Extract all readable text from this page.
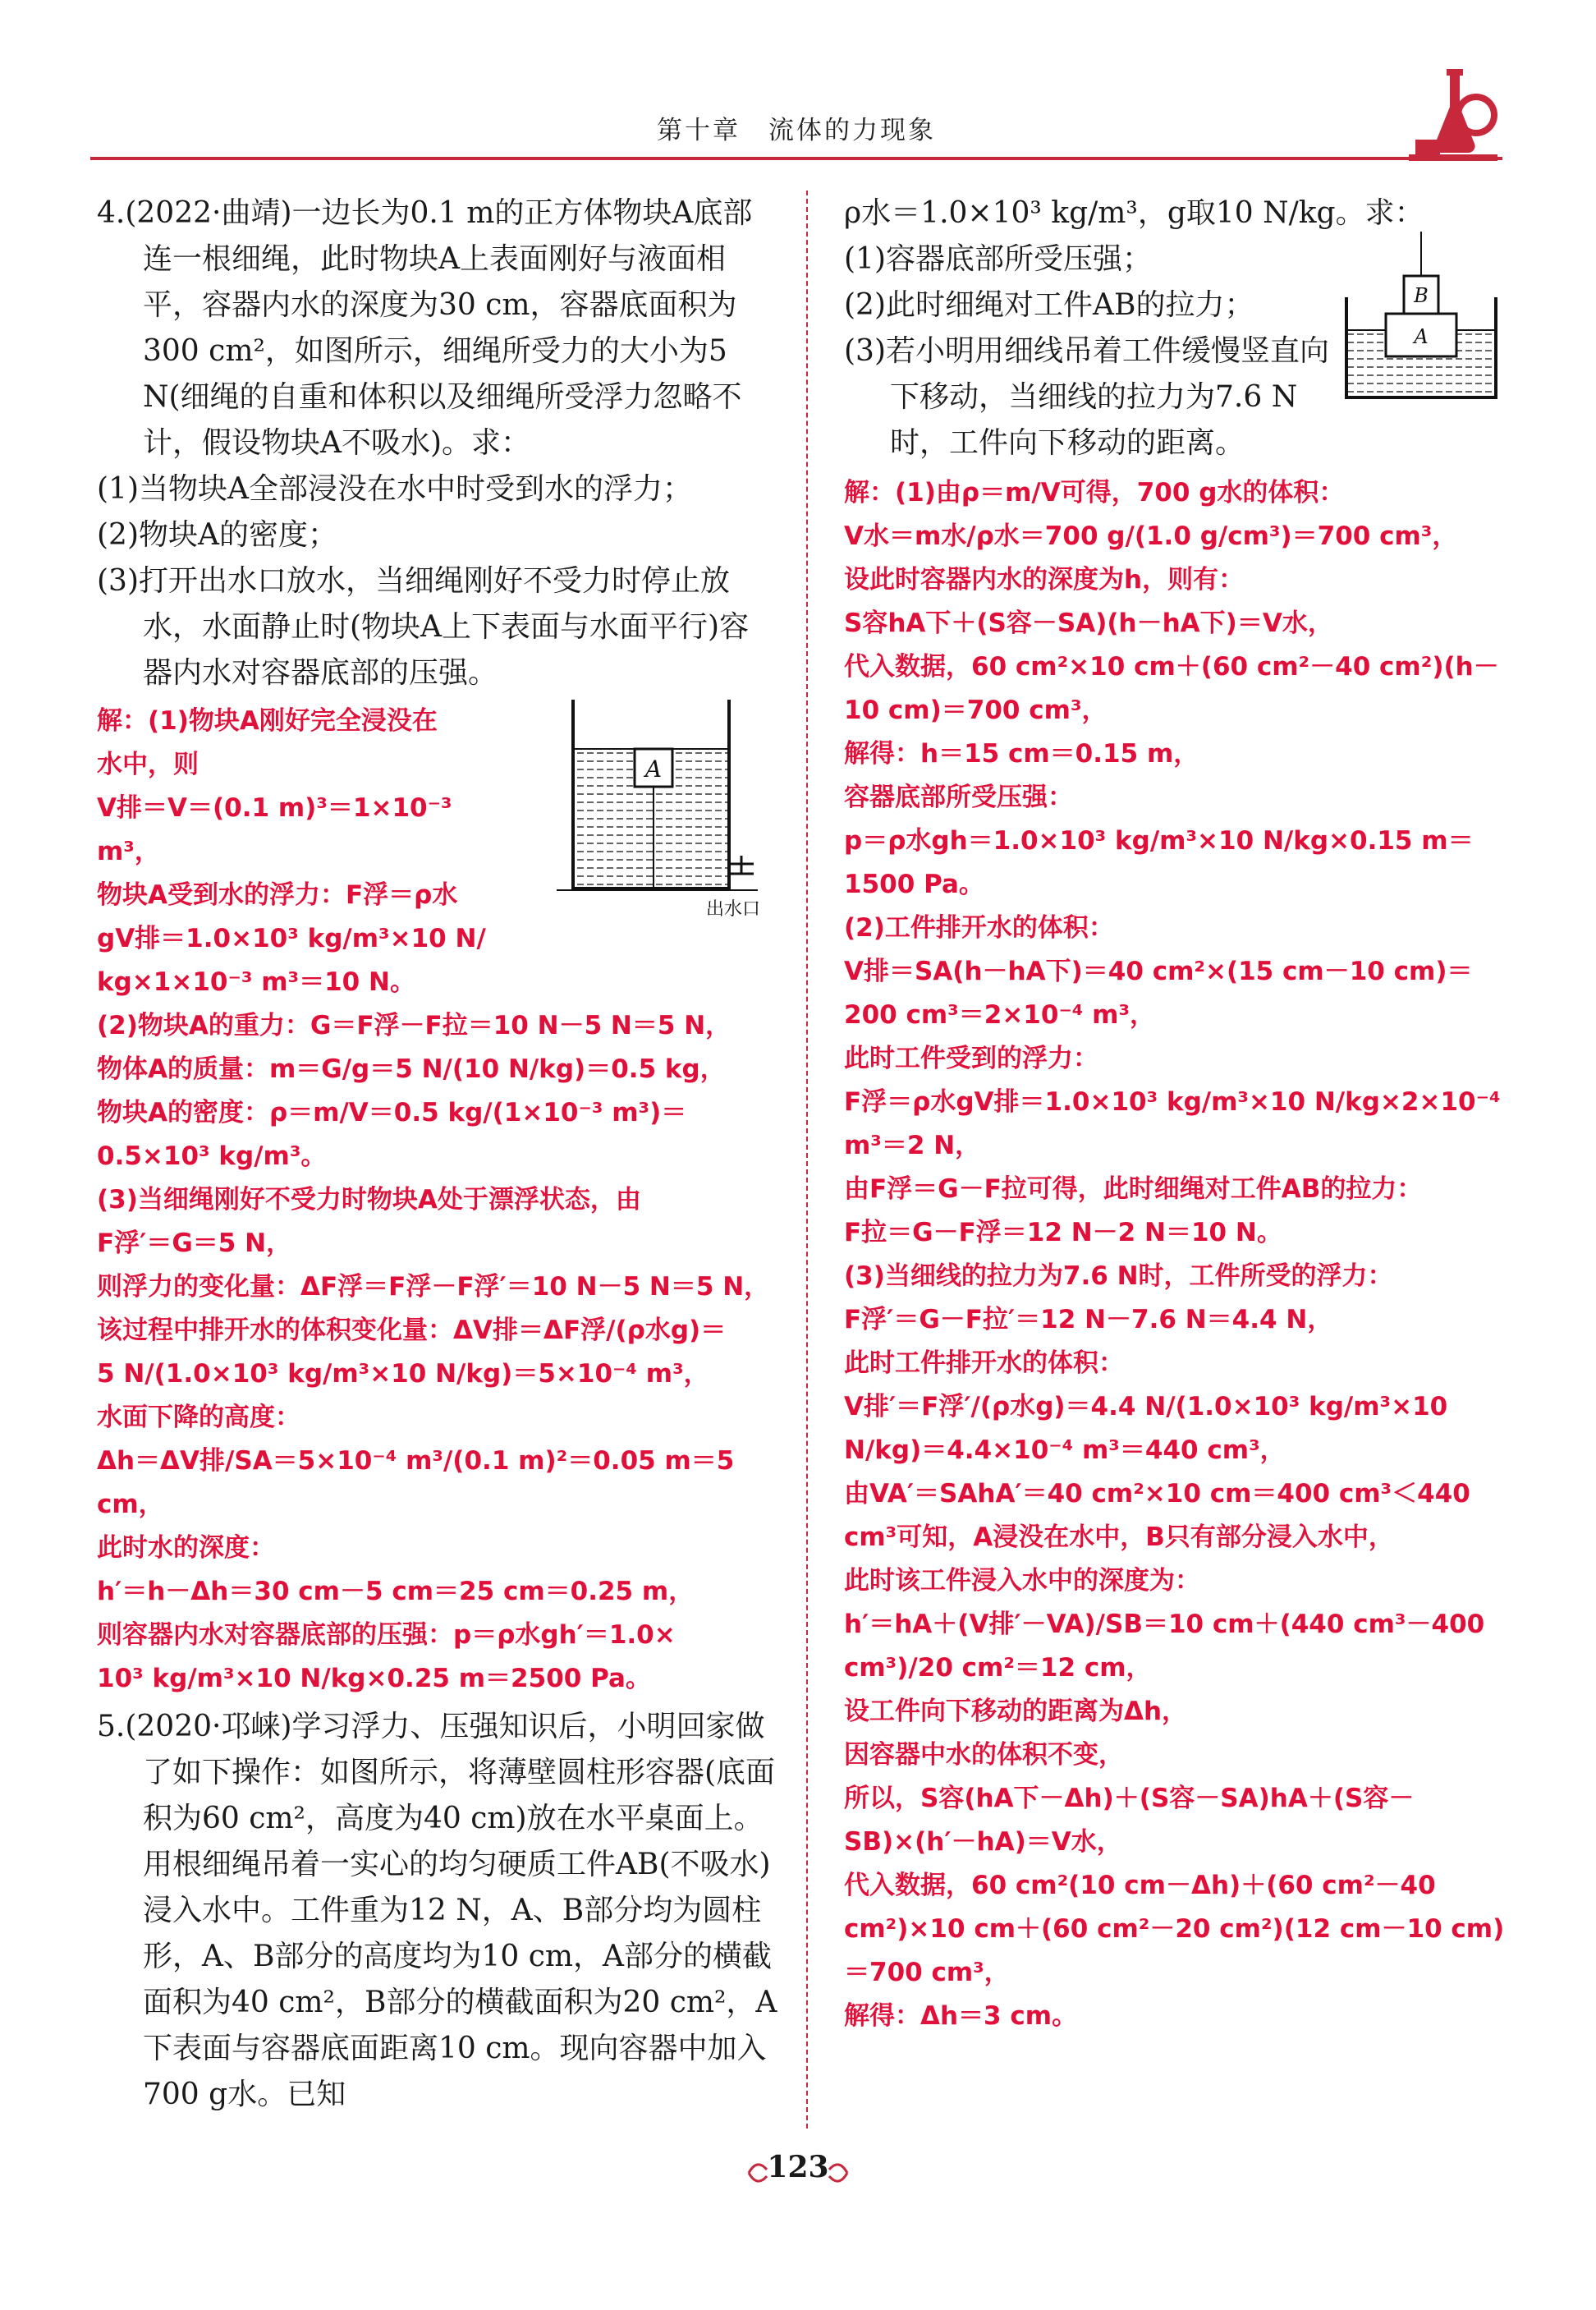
第十章　流体的力现象

4.(2022·曲靖)一边长为0.1 m的正方体物块A底部连一根细绳，此时物块A上表面刚好与液面相平，容器内水的深度为30 cm，容器底面积为300 cm²，如图所示，细绳所受力的大小为5 N(细绳的自重和体积以及细绳所受浮力忽略不计，假设物块A不吸水)。求：

(1)当物块A全部浸没在水中时受到水的浮力；

(2)物块A的密度；

(3)打开出水口放水，当细绳刚好不受力时停止放水，水面静止时(物块A上下表面与水面平行)容器内水对容器底部的压强。

解：(1)物块A刚好完全浸没在

水中，则

V排＝V＝(0.1 m)³＝1×10⁻³ m³，

物块A受到水的浮力：F浮＝ρ水

gV排＝1.0×10³ kg/m³×10 N/

kg×1×10⁻³ m³＝10 N。

(2)物块A的重力：G＝F浮－F拉＝10 N－5 N＝5 N，

物体A的质量：m＝G/g＝5 N/(10 N/kg)＝0.5 kg，

物块A的密度：ρ＝m/V＝0.5 kg/(1×10⁻³ m³)＝0.5×10³ kg/m³。

(3)当细绳刚好不受力时物块A处于漂浮状态，由

F浮′＝G＝5 N，

则浮力的变化量：ΔF浮＝F浮－F浮′＝10 N－5 N＝5 N，

该过程中排开水的体积变化量：ΔV排＝ΔF浮/(ρ水g)＝

5 N/(1.0×10³ kg/m³×10 N/kg)＝5×10⁻⁴ m³，

水面下降的高度：

Δh＝ΔV排/SA＝5×10⁻⁴ m³/(0.1 m)²＝0.05 m＝5 cm，

此时水的深度：

h′＝h－Δh＝30 cm－5 cm＝25 cm＝0.25 m，

则容器内水对容器底部的压强：p＝ρ水gh′＝1.0×

10³ kg/m³×10 N/kg×0.25 m＝2500 Pa。

A
出水口

5.(2020·邛崃)学习浮力、压强知识后，小明回家做了如下操作：如图所示，将薄壁圆柱形容器(底面积为60 cm²，高度为40 cm)放在水平桌面上。用根细绳吊着一实心的均匀硬质工件AB(不吸水)浸入水中。工件重为12 N，A、B部分均为圆柱形，A、B部分的高度均为10 cm，A部分的横截面积为40 cm²，B部分的横截面积为20 cm²，A下表面与容器底面距离10 cm。现向容器中加入700 g水。已知

ρ水＝1.0×10³ kg/m³，g取10 N/kg。求：

(1)容器底部所受压强；

(2)此时细绳对工件AB的拉力；

(3)若小明用细线吊着工件缓慢竖直向下移动，当细线的拉力为7.6 N时，工件向下移动的距离。

B
A

解：(1)由ρ＝m/V可得，700 g水的体积：

V水＝m水/ρ水＝700 g/(1.0 g/cm³)＝700 cm³，

设此时容器内水的深度为h，则有：

S容hA下＋(S容－SA)(h－hA下)＝V水，

代入数据，60 cm²×10 cm＋(60 cm²－40 cm²)(h－10 cm)＝700 cm³，

解得：h＝15 cm＝0.15 m，

容器底部所受压强：

p＝ρ水gh＝1.0×10³ kg/m³×10 N/kg×0.15 m＝1500 Pa。

(2)工件排开水的体积：

V排＝SA(h－hA下)＝40 cm²×(15 cm－10 cm)＝200 cm³＝2×10⁻⁴ m³，

此时工件受到的浮力：

F浮＝ρ水gV排＝1.0×10³ kg/m³×10 N/kg×2×10⁻⁴ m³＝2 N，

由F浮＝G－F拉可得，此时细绳对工件AB的拉力：

F拉＝G－F浮＝12 N－2 N＝10 N。

(3)当细线的拉力为7.6 N时，工件所受的浮力：

F浮′＝G－F拉′＝12 N－7.6 N＝4.4 N，

此时工件排开水的体积：

V排′＝F浮′/(ρ水g)＝4.4 N/(1.0×10³ kg/m³×10 N/kg)＝4.4×10⁻⁴ m³＝440 cm³，

由VA′＝SAhA′＝40 cm²×10 cm＝400 cm³＜440 cm³可知，A浸没在水中，B只有部分浸入水中，

此时该工件浸入水中的深度为：

h′＝hA＋(V排′－VA)/SB＝10 cm＋(440 cm³－400 cm³)/20 cm²＝12 cm，

设工件向下移动的距离为Δh，

因容器中水的体积不变，

所以，S容(hA下－Δh)＋(S容－SA)hA＋(S容－SB)×(h′－hA)＝V水，

代入数据，60 cm²(10 cm－Δh)＋(60 cm²－40 cm²)×10 cm＋(60 cm²－20 cm²)(12 cm－10 cm)＝700 cm³，

解得：Δh＝3 cm。

123
